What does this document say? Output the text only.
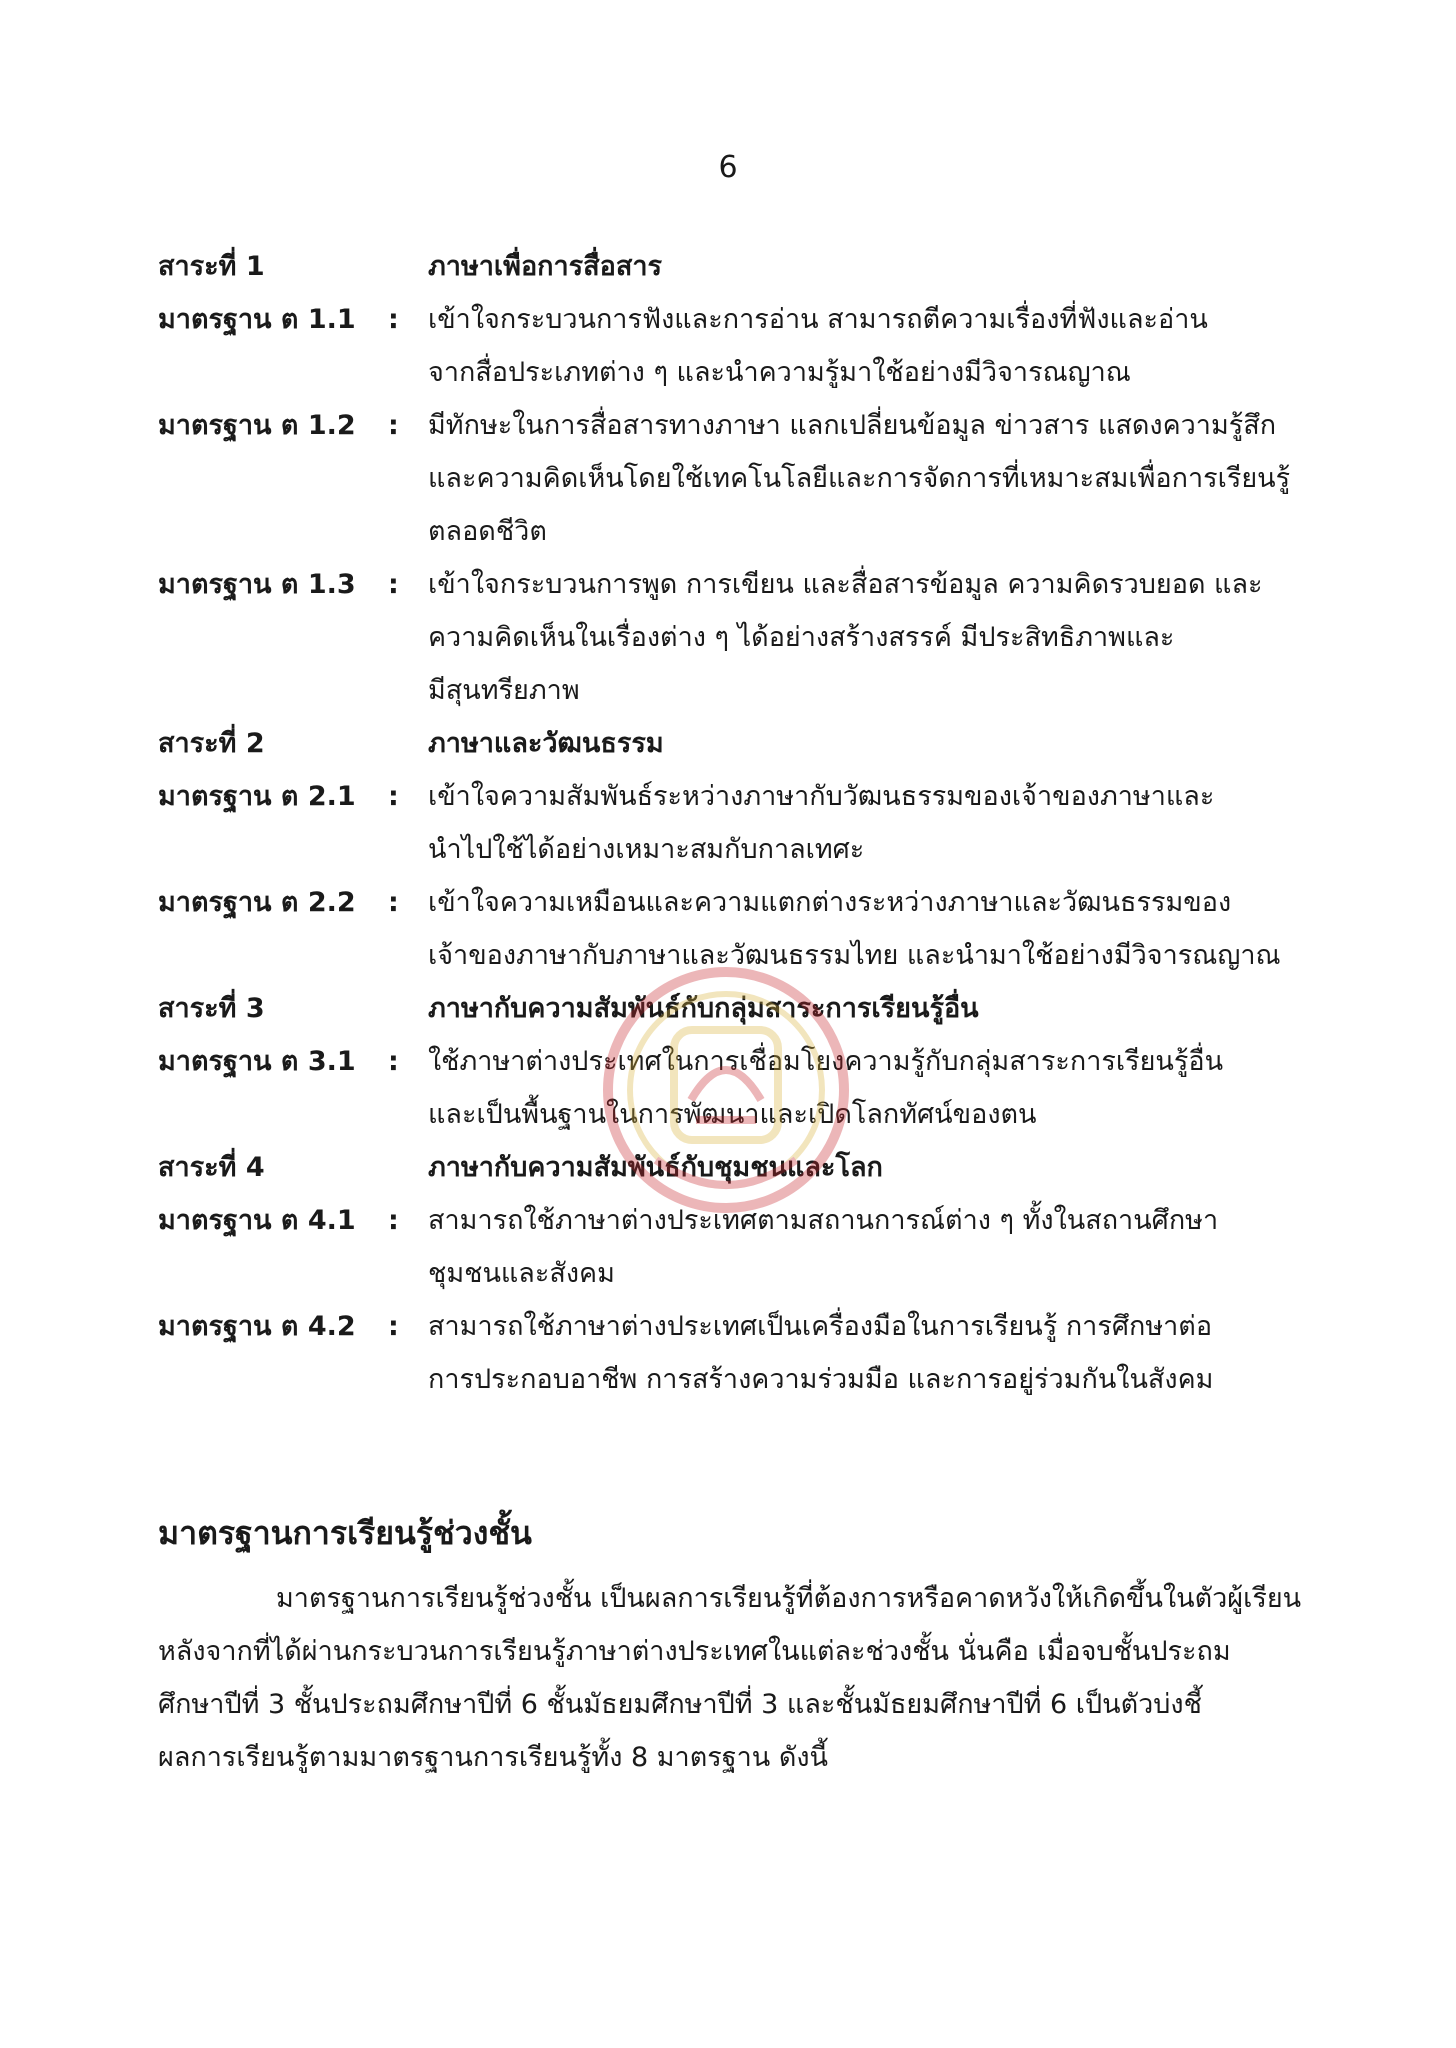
6
สาระที่ 1	ภาษาเพื่อการสื่อสาร
มาตรฐาน ต 1.1	:	เข้าใจกระบวนการฟังและการอ่าน สามารถตีความเรื่องที่ฟังและอ่าน
จากสื่อประเภทต่าง ๆ และนำความรู้มาใช้อย่างมีวิจารณญาณ
มาตรฐาน ต 1.2	:	มีทักษะในการสื่อสารทางภาษา แลกเปลี่ยนข้อมูล ข่าวสาร แสดงความรู้สึก
และความคิดเห็นโดยใช้เทคโนโลยีและการจัดการที่เหมาะสมเพื่อการเรียนรู้
ตลอดชีวิต
มาตรฐาน ต 1.3	:	เข้าใจกระบวนการพูด การเขียน และสื่อสารข้อมูล ความคิดรวบยอด และ
ความคิดเห็นในเรื่องต่าง ๆ ได้อย่างสร้างสรรค์ มีประสิทธิภาพและ
มีสุนทรียภาพ
สาระที่ 2	ภาษาและวัฒนธรรม
มาตรฐาน ต 2.1	:	เข้าใจความสัมพันธ์ระหว่างภาษากับวัฒนธรรมของเจ้าของภาษาและ
นำไปใช้ได้อย่างเหมาะสมกับกาลเทศะ
มาตรฐาน ต 2.2	:	เข้าใจความเหมือนและความแตกต่างระหว่างภาษาและวัฒนธรรมของ
เจ้าของภาษากับภาษาและวัฒนธรรมไทย และนำมาใช้อย่างมีวิจารณญาณ
สาระที่ 3	ภาษากับความสัมพันธ์กับกลุ่มสาระการเรียนรู้อื่น
มาตรฐาน ต 3.1	:	ใช้ภาษาต่างประเทศในการเชื่อมโยงความรู้กับกลุ่มสาระการเรียนรู้อื่น
และเป็นพื้นฐานในการพัฒนาและเปิดโลกทัศน์ของตน
สาระที่ 4	ภาษากับความสัมพันธ์กับชุมชนและโลก
มาตรฐาน ต 4.1	:	สามารถใช้ภาษาต่างประเทศตามสถานการณ์ต่าง ๆ ทั้งในสถานศึกษา
ชุมชนและสังคม
มาตรฐาน ต 4.2	:	สามารถใช้ภาษาต่างประเทศเป็นเครื่องมือในการเรียนรู้ การศึกษาต่อ
การประกอบอาชีพ การสร้างความร่วมมือ และการอยู่ร่วมกันในสังคม
มาตรฐานการเรียนรู้ช่วงชั้น
มาตรฐานการเรียนรู้ช่วงชั้น เป็นผลการเรียนรู้ที่ต้องการหรือคาดหวังให้เกิดขึ้นในตัวผู้เรียน
หลังจากที่ได้ผ่านกระบวนการเรียนรู้ภาษาต่างประเทศในแต่ละช่วงชั้น นั่นคือ เมื่อจบชั้นประถม
ศึกษาปีที่ 3 ชั้นประถมศึกษาปีที่ 6 ชั้นมัธยมศึกษาปีที่ 3 และชั้นมัธยมศึกษาปีที่ 6 เป็นตัวบ่งชี้
ผลการเรียนรู้ตามมาตรฐานการเรียนรู้ทั้ง 8 มาตรฐาน ดังนี้
